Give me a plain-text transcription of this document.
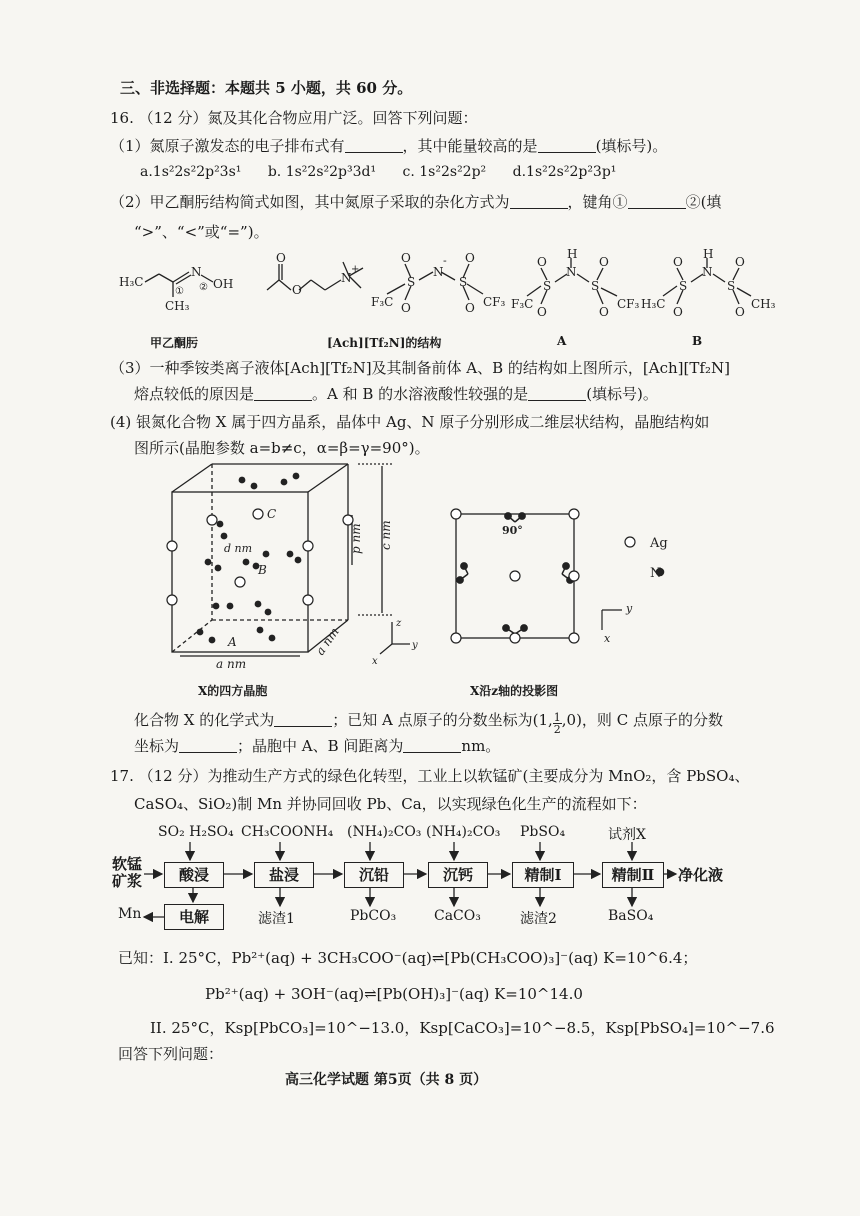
三、非选择题：本题共 5 小题，共 60 分。
16. （12 分）氮及其化合物应用广泛。回答下列问题：
（1）氮原子激发态的电子排布式有	，其中能量较高的是	(填标号)。
a.1s²2s²2p²3s¹ b. 1s²2s²2p³3d¹ c. 1s²2s²2p² d.1s²2s²2p²3p¹
（2）甲乙酮肟结构简式如图，其中氮原子采取的杂化方式为	，键角①	②(填
“>”、“<”或“=”)。
H₃C
CH₃
N
OH
① ②
O
O
N
+
F₃C
S
O
O
N
-
S
O
O CF₃
H
F₃C
S
O
O
N
S
O
O
CF₃
H
H₃C
S
O
O
N
S
O
O
CH₃
甲乙酮肟	[Ach][Tf₂N]的结构	A	B
（3）一种季铵类离子液体[Ach][Tf₂N]及其制备前体 A、B 的结构如上图所示，[Ach][Tf₂N]
熔点较低的原因是	。A 和 B 的水溶液酸性较强的是	(填标号)。
(4) 银氮化合物 X 属于四方晶系，晶体中 Ag、N 原子分别形成二维层状结构，晶胞结构如
图所示(晶胞参数 a=b≠c，α=β=γ=90°)。
C
B
A
d nm	c nm
p nm
a nm
a nm
z
y
x
90°
Ag
N
y
x
X的四方晶胞	X沿z轴的投影图
化合物 X 的化学式为	；已知 A 点原子的分数坐标为(1, $\frac{1}{2} ,0$)，则 C 点原子的分数
坐标为	；晶胞中 A、B 间距离为	nm。
17. （12 分）为推动生产方式的绿色化转型，工业上以软锰矿(主要成分为 MnO₂，含 PbSO₄、
CaSO₄、SiO₂)制 Mn 并协同回收 Pb、Ca，以实现绿色化生产的流程如下：
SO₂ H₂SO₄ CH₃COONH₄ (NH₄)₂CO₃ (NH₄)₂CO₃ PbSO₄	试剂X
软锰
矿浆	酸浸	盐浸	沉铅	沉钙	精制Ⅰ	精制Ⅱ
电解
净化液
Mn	滤渣1	PbCO₃	CaCO₃	滤渣2	BaSO₄
已知：I. 25°C，Pb²⁺(aq) + 3CH₃COO⁻(aq)⇌[Pb(CH₃COO)₃]⁻(aq) K=10^6.4；
Pb²⁺(aq) + 3OH⁻(aq)⇌[Pb(OH)₃]⁻(aq) K=10^14.0
II. 25°C，Ksp[PbCO₃]=10^−13.0，Ksp[CaCO₃]=10^−8.5，Ksp[PbSO₄]=10^−7.6
回答下列问题：
高三化学试题 第5页（共 8 页）
